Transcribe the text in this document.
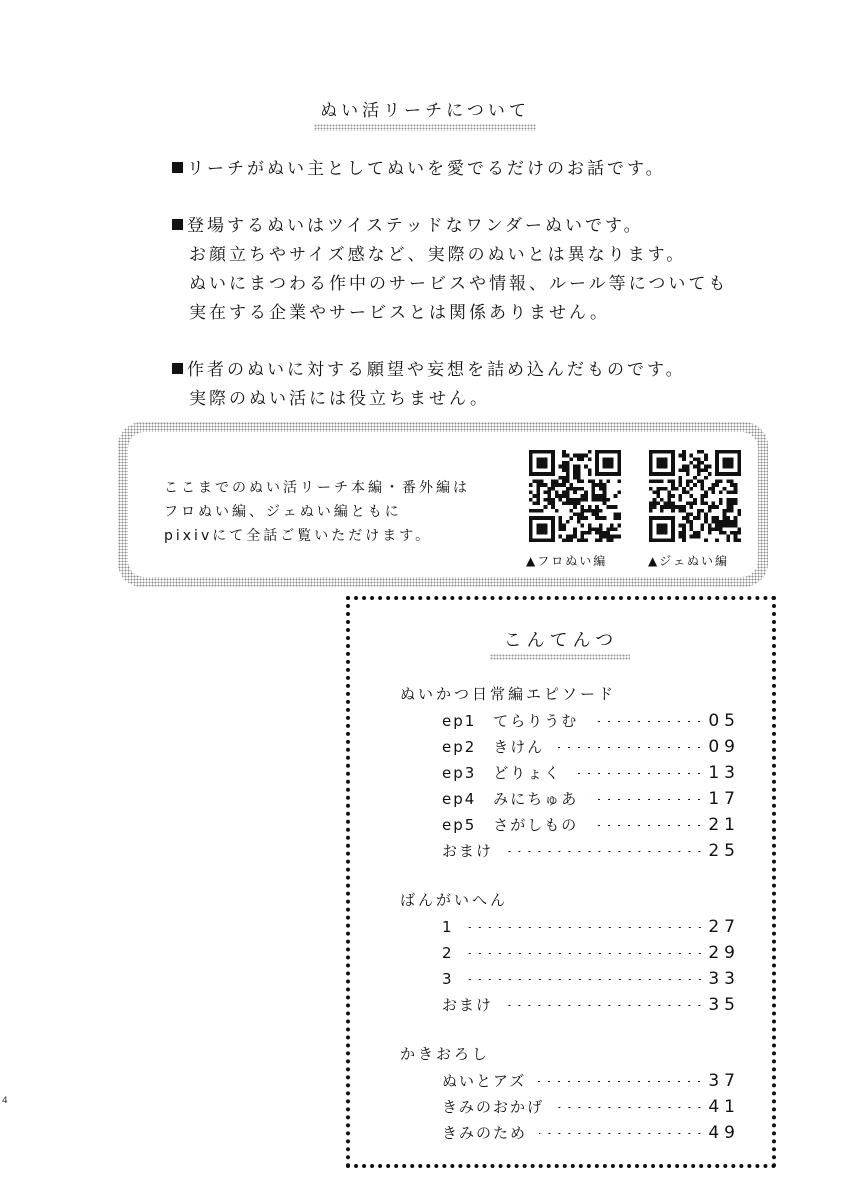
ぬい活リーチについて
リーチがぬい主としてぬいを愛でるだけのお話です。
登場するぬいはツイステッドなワンダーぬいです。
お顔立ちやサイズ感など、実際のぬいとは異なります。
ぬいにまつわる作中のサービスや情報、ルール等についても
実在する企業やサービスとは関係ありません。
作者のぬいに対する願望や妄想を詰め込んだものです。
実際のぬい活には役立ちません。
ここまでのぬい活リーチ本編・番外編は
フロぬい編、ジェぬい編ともに
pixivにて全話ご覧いただけます。
▲フロぬい編	▲ジェぬい編
こんてんつ
ぬいかつ日常編エピソード
ep1　てらりうむ	05
ep2　きけん	09
ep3　どりょく	13
ep4　みにちゅあ	17
ep5　さがしもの	21
おまけ	25
ばんがいへん
1	27
2	29
3	33
おまけ	35
かきおろし
ぬいとアズ	37
きみのおかげ	41
きみのため	49
4
